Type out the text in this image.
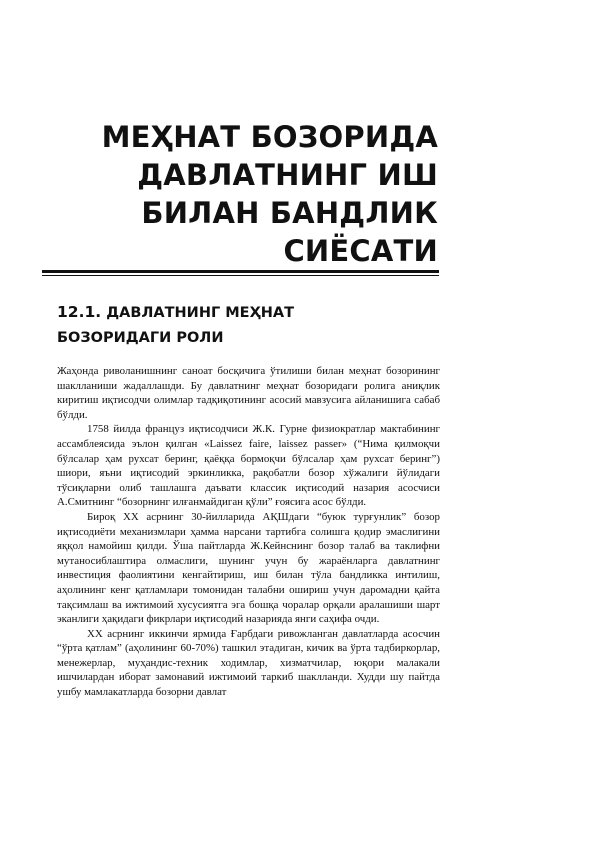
МЕҲНАТ БОЗОРИДА
ДАВЛАТНИНГ ИШ
БИЛАН БАНДЛИК
СИЁСАТИ
12.1. ДАВЛАТНИНГ МЕҲНАТ
БОЗОРИДАГИ РОЛИ

Жаҳонда риволанишнинг саноат босқичига ўтилиши билан меҳнат бозорининг шаклланиши жадаллашди. Бу давлатнинг меҳнат бозоридаги ролига аниқлик киритиш иқтисодчи олимлар тадқиқотининг асосий мавзусига айланишига сабаб бўлди.

1758 йилда француз иқтисодчиси Ж.К. Гурне физиократлар мактабининг ассамблеясида эълон қилган «Laissez faire, laissez passer» (“Нима қилмоқчи бўлсалар ҳам рухсат беринг, қаёққа бормоқчи бўлсалар ҳам рухсат беринг”) шиори, яъни иқтисодий эркинликка, рақобатли бозор хўжалиги йўлидаги тўсиқларни олиб ташлашга даъвати классик иқтисодий назария асосчиси А.Смитнинг “бозорнинг илғанмайдиган қўли” ғоясига асос бўлди.

Бироқ XX асрнинг 30-йилларида АҚШдаги “буюк турғунлик” бозор иқтисодиёти механизмлари ҳамма нарсани тартибга солишга қодир эмаслигини яққол намойиш қилди. Ўша пайтларда Ж.Кейнснинг бозор талаб ва таклифни мутаносиблаштира олмаслиги, шунинг учун бу жараёнларга давлатнинг инвестиция фаолиятини кенгайтириш, иш билан тўла бандликка интилиш, аҳолининг кенг қатламлари томонидан талабни ошириш учун даромадни қайта тақсимлаш ва ижтимоий хусусиятга эга бошқа чоралар орқали аралашиши шарт эканлиги ҳақидаги фикрлари иқтисодий назарияда янги саҳифа очди.

XX асрнинг иккинчи ярмида Ғарбдаги ривожланган давлатларда асосчин “ўрта қатлам” (аҳолининг 60-70%) ташкил этадиган, кичик ва ўрта тадбиркорлар, менежерлар, муҳандис-техник ходимлар, хизматчилар, юқори малакали ишчилардан иборат замонавий ижтимоий таркиб шаклланди. Худди шу пайтда ушбу мамлакатларда бозорни давлат
